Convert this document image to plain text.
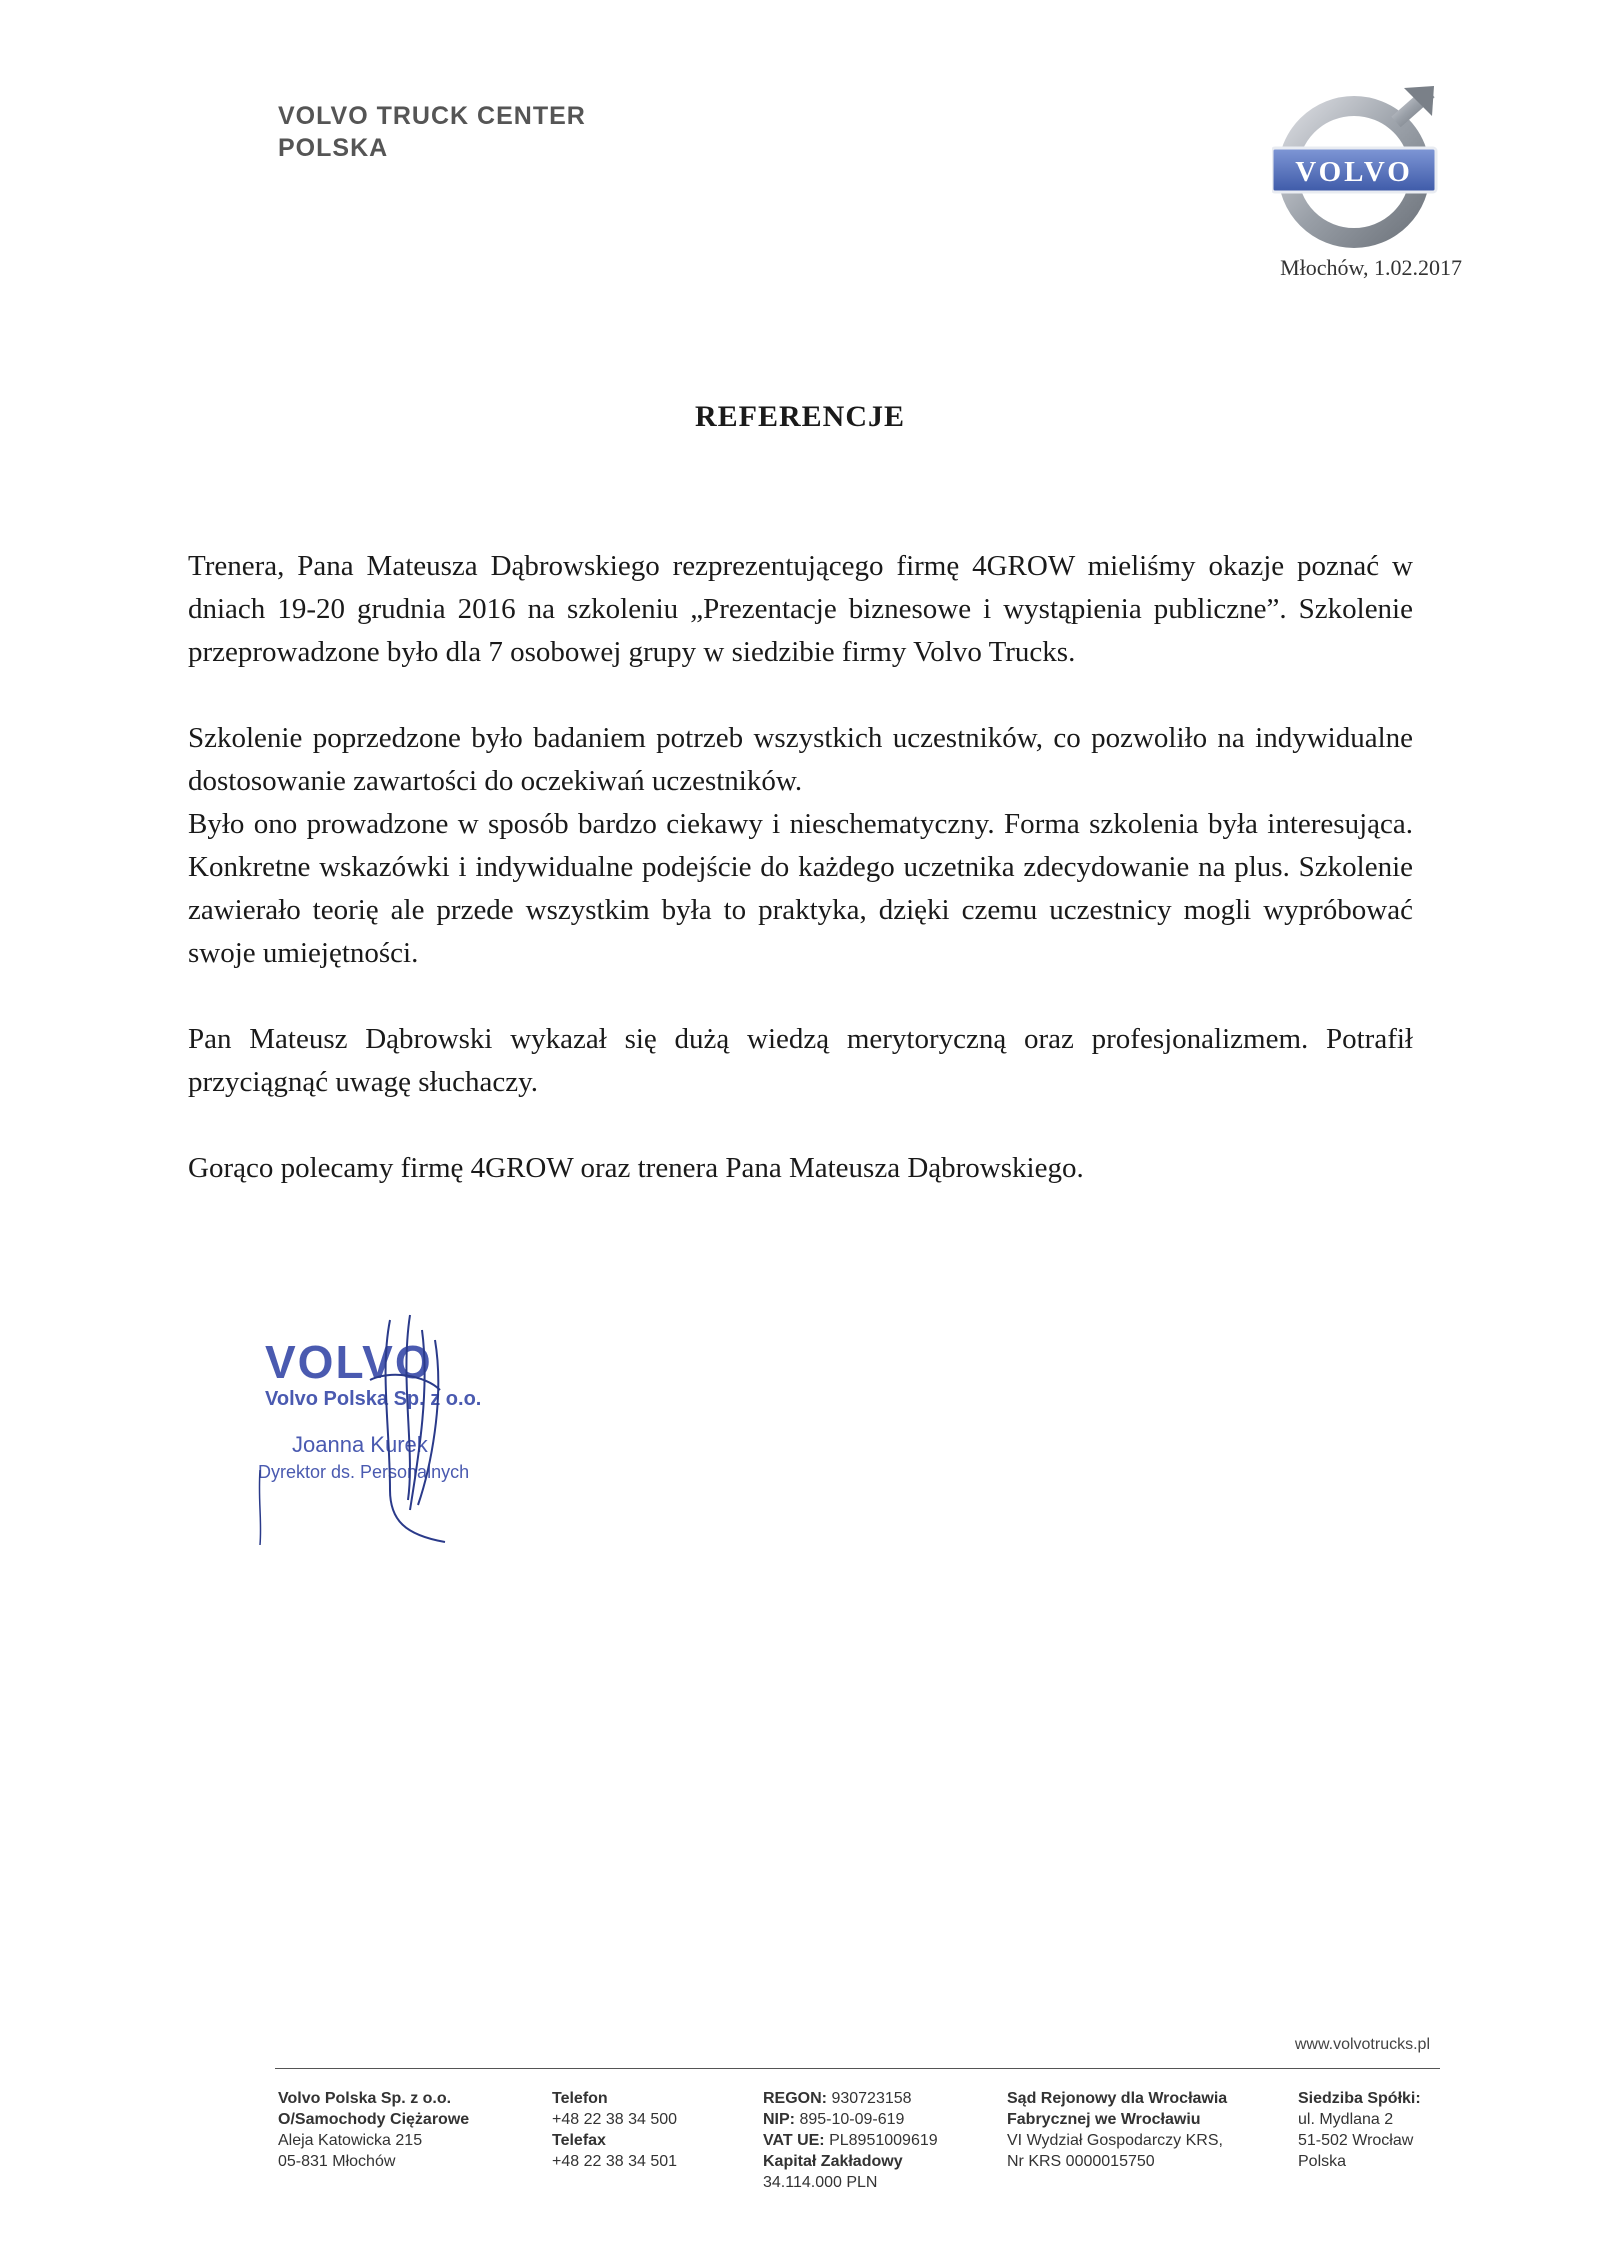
VOLVO TRUCK CENTER
POLSKA
VOLVO
Młochów, 1.02.2017
REFERENCJE

Trenera, Pana Mateusza Dąbrowskiego rezprezentującego firmę 4GROW mieliśmy okazje poznać w dniach 19-20 grudnia 2016 na szkoleniu „Prezentacje biznesowe i wystąpienia publiczne”. Szkolenie przeprowadzone było dla 7 osobowej grupy w siedzibie firmy Volvo Trucks.

Szkolenie poprzedzone było badaniem potrzeb wszystkich uczestników, co pozwoliło na indywidualne dostosowanie zawartości do oczekiwań uczestników.

Było ono prowadzone w sposób bardzo ciekawy i nieschematyczny. Forma szkolenia była interesująca. Konkretne wskazówki i indywidualne podejście do każdego uczetnika zdecydowanie na plus. Szkolenie zawierało teorię ale przede wszystkim była to praktyka, dzięki czemu uczestnicy mogli wypróbować swoje umiejętności.

Pan Mateusz Dąbrowski wykazał się dużą wiedzą merytoryczną oraz profesjonalizmem. Potrafił przyciągnąć uwagę słuchaczy.

Gorąco polecamy firmę 4GROW oraz trenera Pana Mateusza Dąbrowskiego.

VOLVO
Volvo Polska Sp. z o.o.
Joanna Kurek
Dyrektor ds. Personalnych
www.volvotrucks.pl
Volvo Polska Sp. z o.o.
O/Samochody Ciężarowe
Aleja Katowicka 215
05-831 Młochów
Telefon
+48 22 38 34 500
Telefax
+48 22 38 34 501
REGON: 930723158
NIP: 895-10-09-619
VAT UE: PL8951009619
Kapitał Zakładowy
34.114.000 PLN
Sąd Rejonowy dla Wrocławia
Fabrycznej we Wrocławiu
VI Wydział Gospodarczy KRS,
Nr KRS 0000015750
Siedziba Spółki:
ul. Mydlana 2
51-502 Wrocław
Polska
